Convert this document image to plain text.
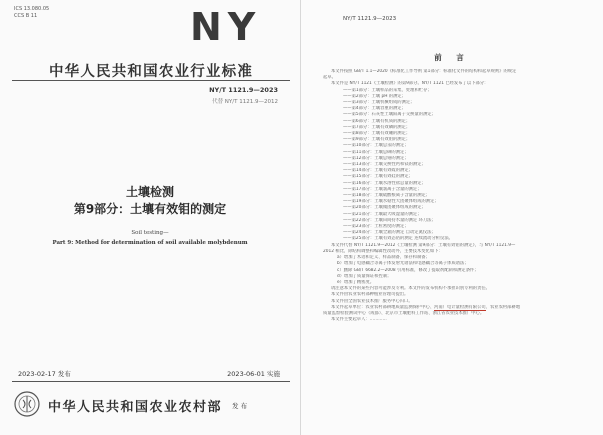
ICS 13.080.05
CCS B 11	NY
中华人民共和国农业行业标准
NY/T 1121.9—2023
代替 NY/T 1121.9—2012
土壤检测
第9部分：土壤有效钼的测定
Soil testing—
Part 9: Method for determination of soil available molybdenum
2023-02-17 发布	2023-06-01 实施
中华人民共和国农业农村部 发 布
NY/T 1121.9—2023
前 言
本文件按照 GB/T 1.1—2020《标准化工作导则 第1部分：标准化文件的结构和起草规则》的规定
起草。
本文件是 NY/T 1121《土壤检测》的第9部分。NY/T 1121 已经发布了以下部分：
——第1部分：土壤样品的采集、处理和贮存；
——第2部分：土壤 pH 的测定；
——第3部分：土壤机械组成的测定；
——第4部分：土壤容重的测定；
——第5部分：石灰性土壤阳离子交换量的测定；
——第6部分：土壤有机质的测定；
——第7部分：土壤有效磷的测定；
——第8部分：土壤有效硼的测定；
——第9部分：土壤有效钼的测定；
——第10部分：土壤总汞的测定；
——第11部分：土壤总砷的测定；
——第12部分：土壤总铬的测定；
——第13部分：土壤交换性钙和镁的测定；
——第14部分：土壤有效硫的测定；
——第15部分：土壤有效硅的测定；
——第16部分：土壤水溶性盐总量的测定；
——第17部分：土壤氯离子含量的测定；
——第18部分：土壤硫酸根离子含量的测定；
——第19部分：土壤水稳性大团聚体组成的测定；
——第20部分：土壤微团聚体组成的测定；
——第21部分：土壤最大吸湿量的测定；
——第22部分：土壤田间持水量的测定 环刀法；
——第23部分：土粒密度的测定；
——第24部分：土壤全氮的测定 自动定氮仪法；
——第25部分：土壤有效态钴的测定 连续流动分析仪法。
本文件代替 NY/T 1121.9—2012《土壤检测 第9部分：土壤有效钼的测定》，与 NY/T 1121.9—
2012 相比，除结构调整和编辑性改动外，主要技术变化如下：
a）增加了术语和定义、样品制备、保存和制备；
b）增加了电感耦合等离子体发射光谱法和电感耦合等离子体质谱法；
c）删除 GB/T 6682.2—2008 引用标准，修改了提取剂配制和测定条件；
d）增加了质量保证和控制；
e）增加了精密度。
请注意本文件的某些内容可能涉及专利。本文件的发布机构不承担识别专利的责任。
本文件由农业农村部种植业管理司提出。
本文件由全国农业技术推广服务中心归口。
本文件起草单位：农业农村部耕地质量监测保护中心、河南广电计量检测有限公司、农业农村部耕地
质量监督检验测试中心（成都）、北京市土壤肥料工作站、浙江省农业技术推广中心。
本文件主要起草人：…………
